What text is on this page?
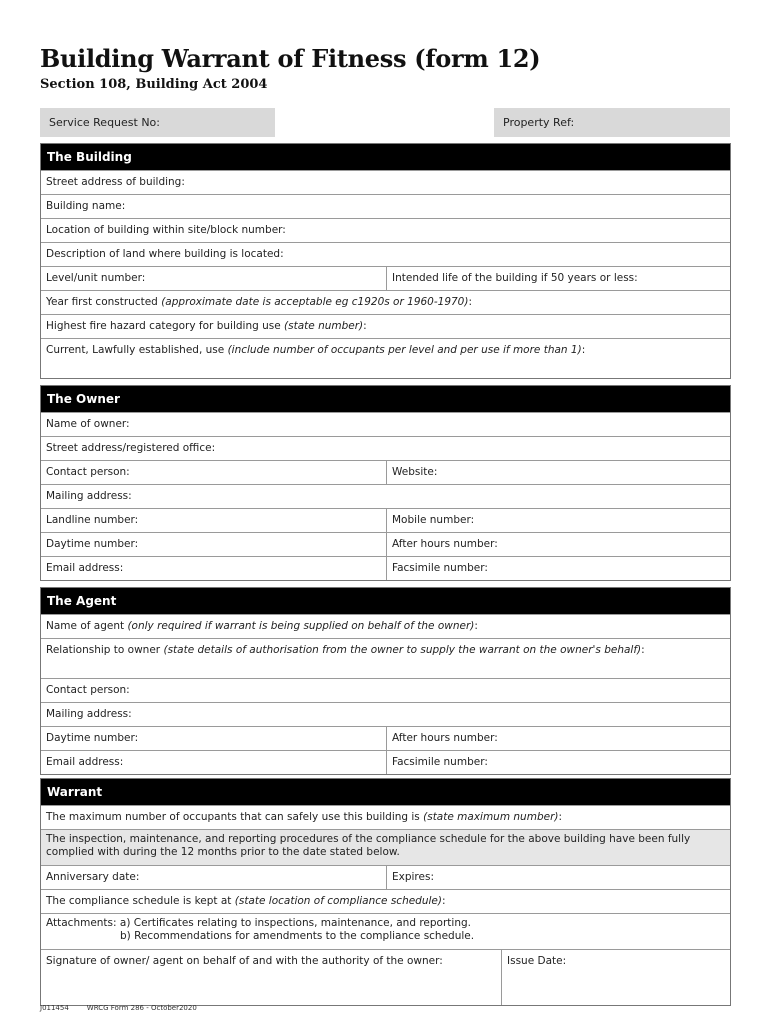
Building Warrant of Fitness (form 12)
Section 108, Building Act 2004
Service Request No:	Property Ref:
The Building
Street address of building:
Building name:
Location of building within site/block number:
Description of land where building is located:
Level/unit number:	Intended life of the building if 50 years or less:
Year first constructed (approximate date is acceptable eg c1920s or 1960-1970):
Highest fire hazard category for building use (state number):
Current, Lawfully established, use (include number of occupants per level and per use if more than 1):
The Owner
Name of owner:
Street address/registered office:
Contact person:	Website:
Mailing address:
Landline number:	Mobile number:
Daytime number:	After hours number:
Email address:	Facsimile number:
The Agent
Name of agent (only required if warrant is being supplied on behalf of the owner):
Relationship to owner (state details of authorisation from the owner to supply the warrant on the owner's behalf):
Contact person:
Mailing address:
Daytime number:	After hours number:
Email address:	Facsimile number:
Warrant
The maximum number of occupants that can safely use this building is (state maximum number):
The inspection, maintenance, and reporting procedures of the compliance schedule for the above building have been fully
complied with during the 12 months prior to the date stated below.
Anniversary date:	Expires:
The compliance schedule is kept at (state location of compliance schedule):
Attachments: a) Certificates relating to inspections, maintenance, and reporting.
b) Recommendations for amendments to the compliance schedule.
Signature of owner/ agent on behalf of and with the authority of the owner:	Issue Date:
J011454	WRCG Form 286 - October2020
